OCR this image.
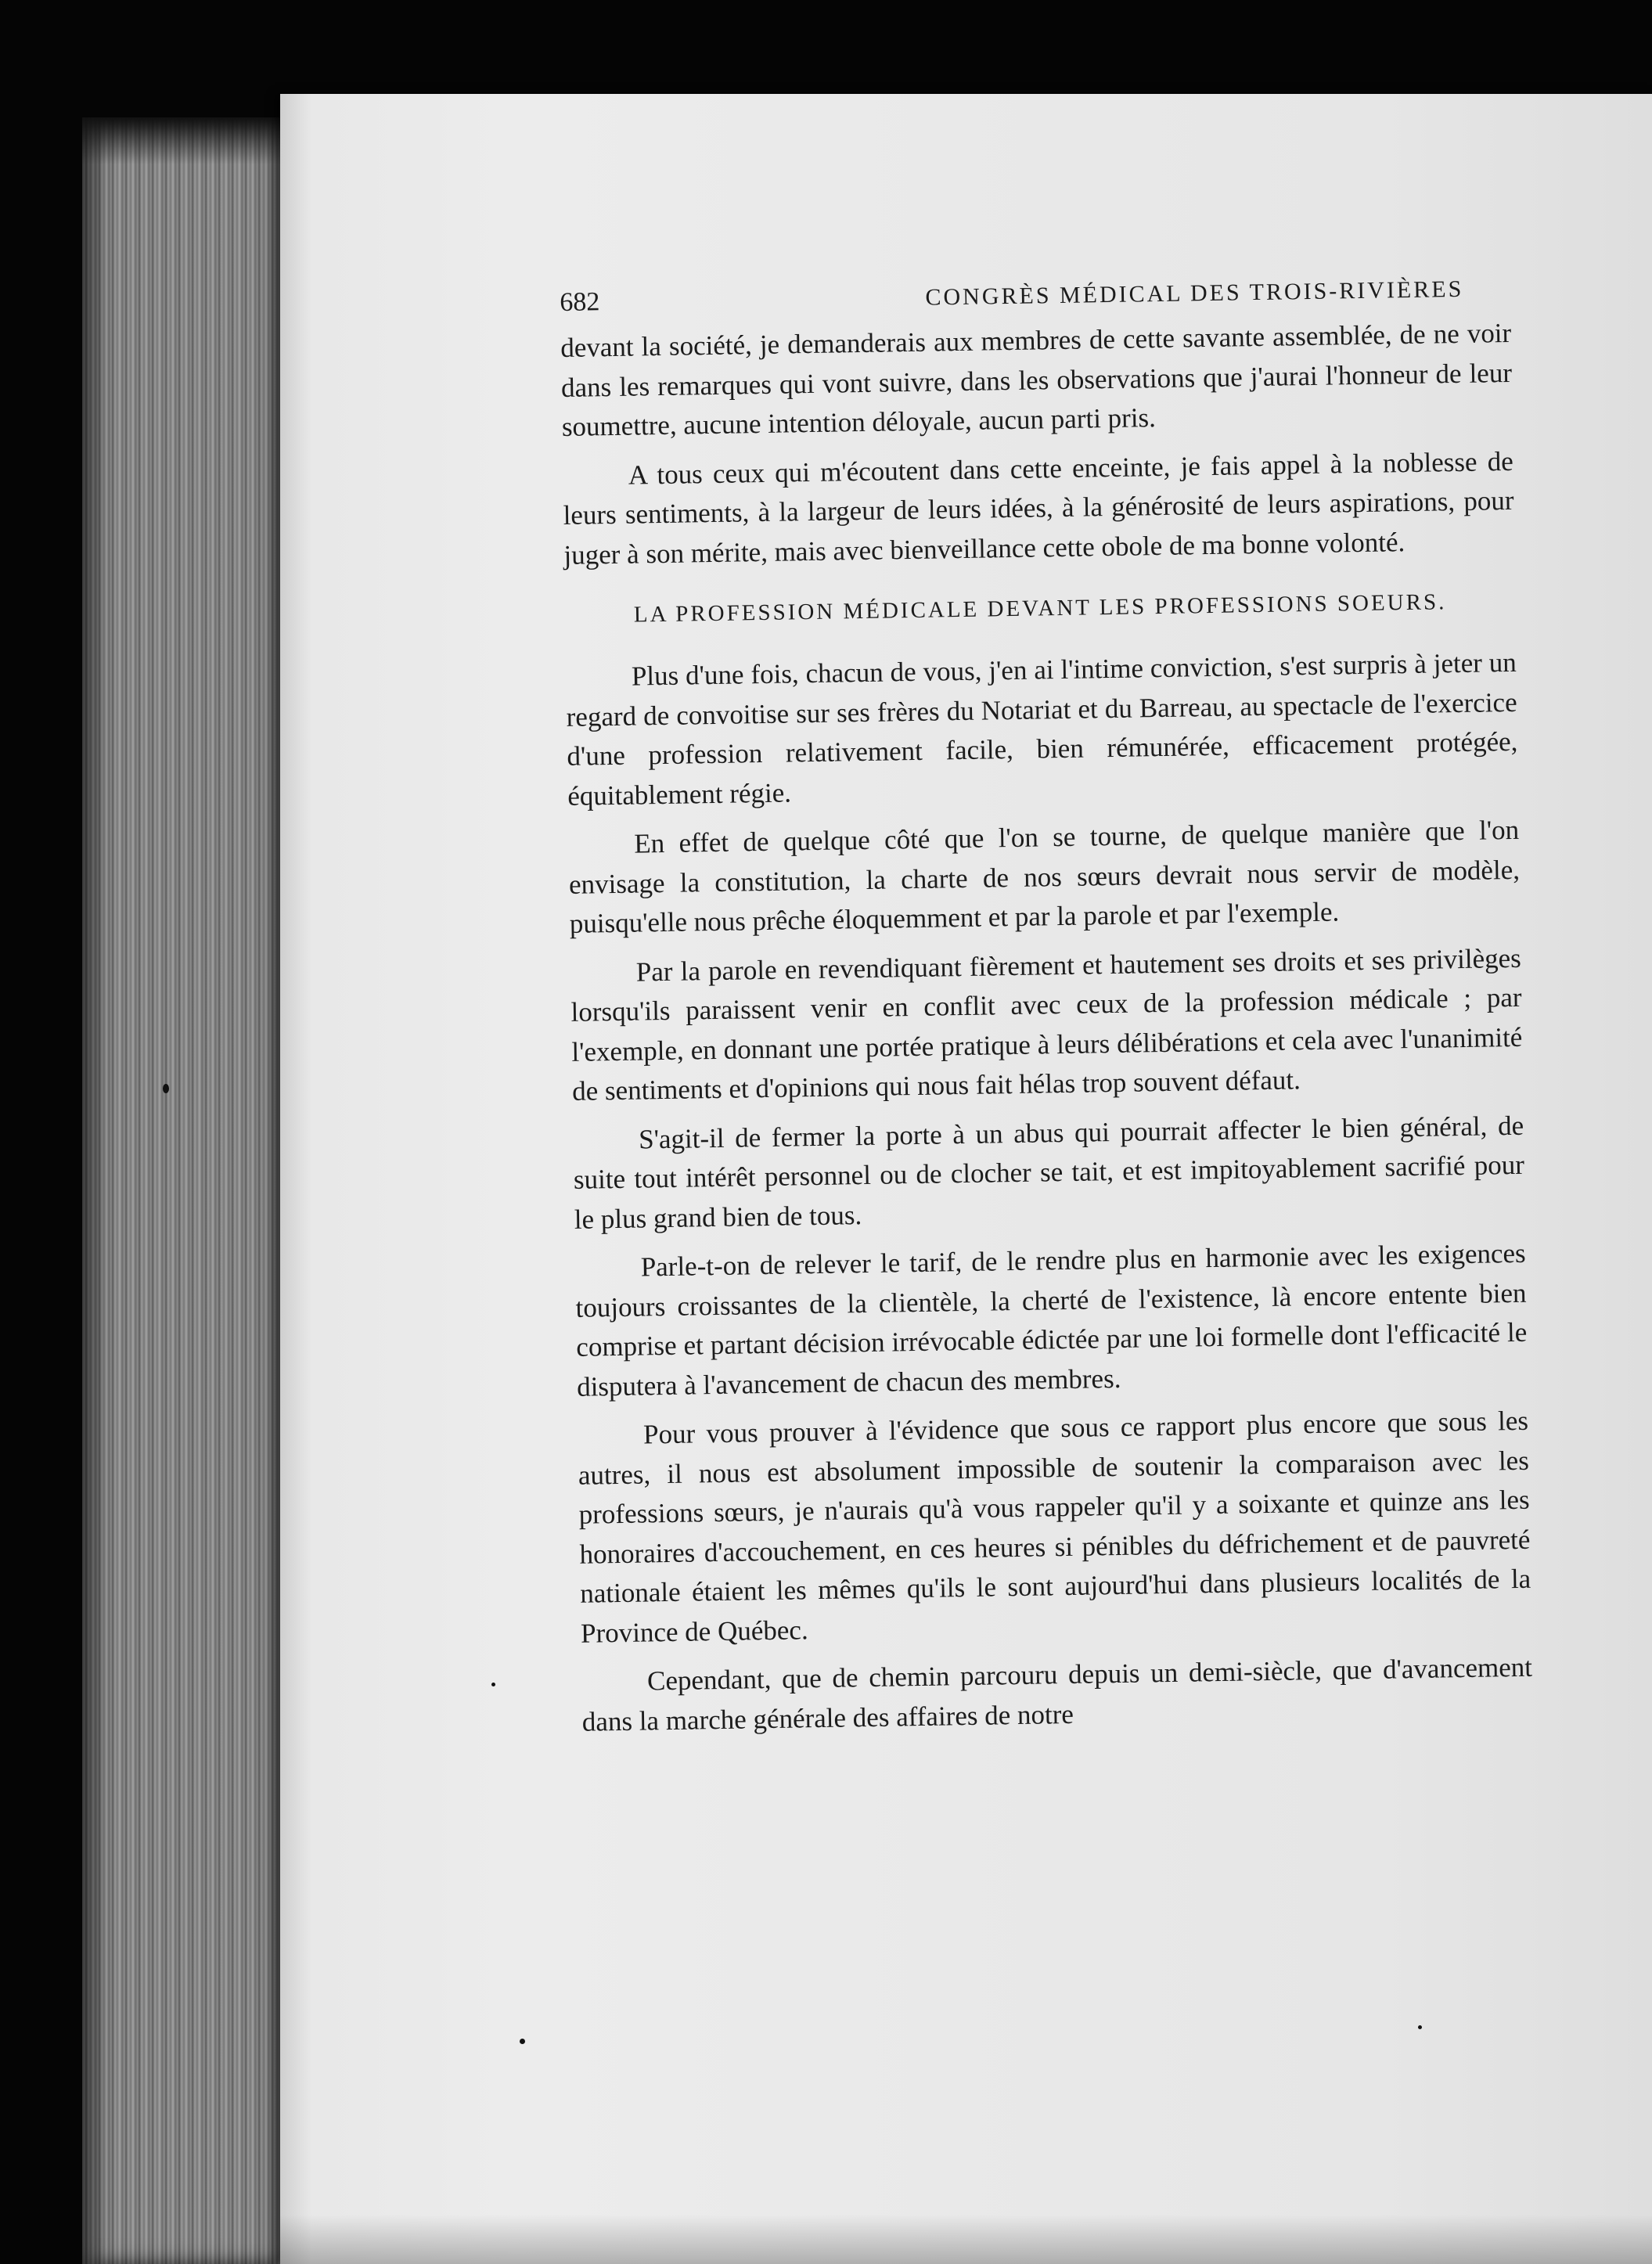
682	CONGRÈS MÉDICAL DES TROIS-RIVIÈRES

devant la société, je demanderais aux membres de cette savante assemblée, de ne voir dans les remarques qui vont suivre, dans les observations que j'aurai l'honneur de leur soumettre, aucune intention déloyale, aucun parti pris.

A tous ceux qui m'écoutent dans cette enceinte, je fais appel à la noblesse de leurs sentiments, à la largeur de leurs idées, à la générosité de leurs aspirations, pour juger à son mérite, mais avec bienveillance cette obole de ma bonne volonté.

LA PROFESSION MÉDICALE DEVANT LES PROFESSIONS SOEURS.

Plus d'une fois, chacun de vous, j'en ai l'intime conviction, s'est surpris à jeter un regard de convoitise sur ses frères du Notariat et du Barreau, au spectacle de l'exercice d'une profession relativement facile, bien rémunérée, efficacement protégée, équitablement régie.

En effet de quelque côté que l'on se tourne, de quelque manière que l'on envisage la constitution, la charte de nos sœurs devrait nous servir de modèle, puisqu'elle nous prêche éloquemment et par la parole et par l'exemple.

Par la parole en revendiquant fièrement et hautement ses droits et ses privilèges lorsqu'ils paraissent venir en conflit avec ceux de la profession médicale ; par l'exemple, en donnant une portée pratique à leurs délibérations et cela avec l'unanimité de sentiments et d'opinions qui nous fait hélas trop souvent défaut.

S'agit-il de fermer la porte à un abus qui pourrait affecter le bien général, de suite tout intérêt personnel ou de clocher se tait, et est impitoyablement sacrifié pour le plus grand bien de tous.

Parle-t-on de relever le tarif, de le rendre plus en harmonie avec les exigences toujours croissantes de la clientèle, la cherté de l'existence, là encore entente bien comprise et partant décision irrévocable édictée par une loi formelle dont l'efficacité le disputera à l'avancement de chacun des membres.

Pour vous prouver à l'évidence que sous ce rapport plus encore que sous les autres, il nous est absolument impossible de soutenir la comparaison avec les professions sœurs, je n'aurais qu'à vous rappeler qu'il y a soixante et quinze ans les honoraires d'accouchement, en ces heures si pénibles du défrichement et de pauvreté nationale étaient les mêmes qu'ils le sont aujourd'hui dans plusieurs localités de la Province de Québec.

Cependant, que de chemin parcouru depuis un demi-siècle, que d'avancement dans la marche générale des affaires de notre
